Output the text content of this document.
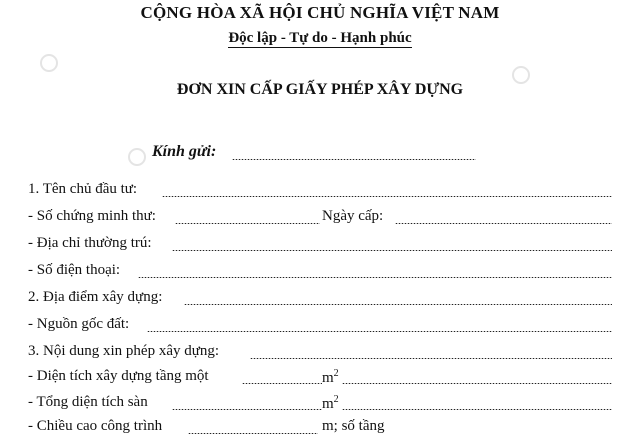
CỘNG HÒA XÃ HỘI CHỦ NGHĨA VIỆT NAM
Độc lập - Tự do - Hạnh phúc
ĐƠN XIN CẤP GIẤY PHÉP XÂY DỰNG
Kính gửi:
1. Tên chủ đầu tư:
- Số chứng minh thư:	Ngày cấp:
- Địa chỉ thường trú:
- Số điện thoại:
2. Địa điểm xây dựng:
- Nguồn gốc đất:
3. Nội dung xin phép xây dựng:
- Diện tích xây dựng tầng một	$m^2$
- Tổng diện tích sàn	$m^2$
- Chiều cao công trình	m; số tầng
